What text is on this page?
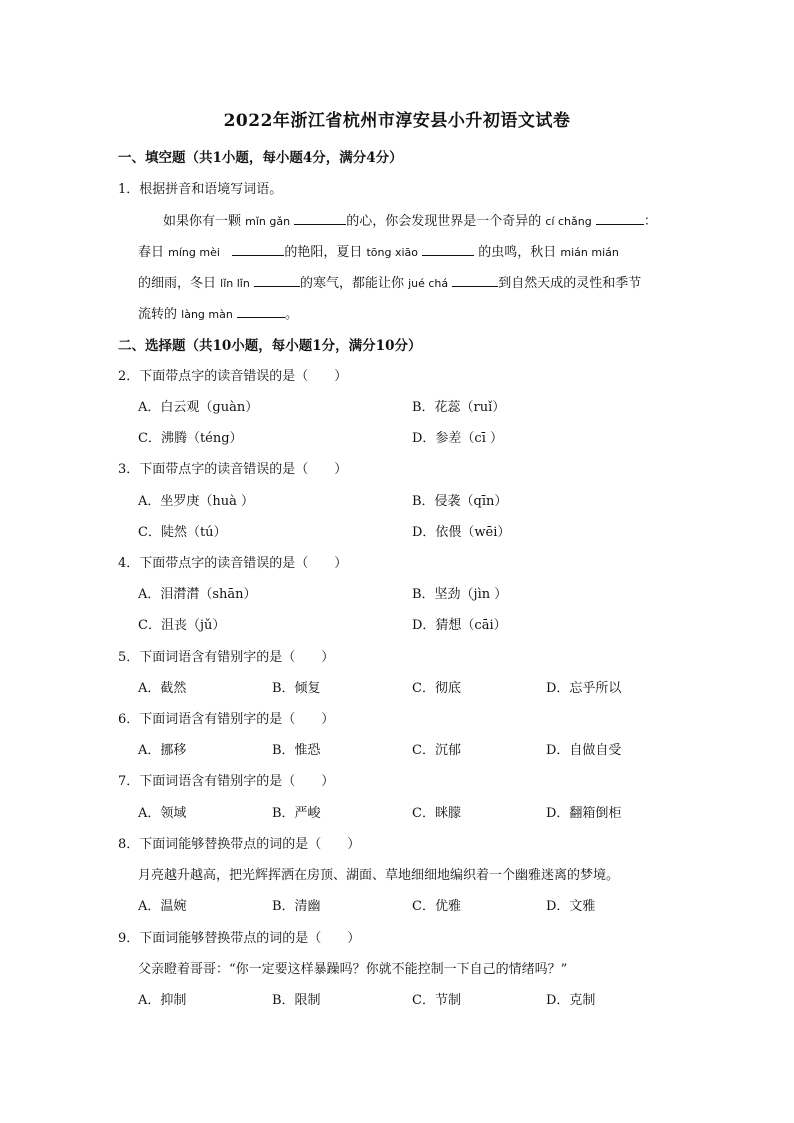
2022年浙江省杭州市淳安县小升初语文试卷
一、填空题（共1小题，每小题4分，满分4分）
1．根据拼音和语境写词语。
如果你有一颗 mǐn gǎn	的心，你会发现世界是一个奇异的 cí chǎng	：
春日 míng mèi	的艳阳，夏日 tōng xiāo	的虫鸣，秋日 mián mián
的细雨，冬日 lǐn lǐn	的寒气，都能让你 jué chá	到自然天成的灵性和季节
流转的 làng màn	。
二、选择题（共10小题，每小题1分，满分10分）
2．下面带点字的读音错误的是（　　）
A．白云观（ɡuàn）	B．花蕊（ruǐ）
C．沸腾（téng）	D．参差（cī ）
3．下面带点字的读音错误的是（　　）
A．坐罗庚（huà ）	B．侵袭（qīn）
C．陡然（tú）	D．依偎（wēi）
4．下面带点字的读音错误的是（　　）
A．泪潸潸（shān）	B．坚劲（jìn ）
C．沮丧（jǔ）	D．猜想（cāi）
5．下面词语含有错别字的是（　　）
A．截然	B．倾复	C．彻底	D．忘乎所以
6．下面词语含有错别字的是（　　）
A．挪移	B．惟恐	C．沉郁	D．自做自受
7．下面词语含有错别字的是（　　）
A．领域	B．严峻	C．眯朦	D．翻箱倒柜
8．下面词能够替换带点的词的是（　　）
月亮越升越高，把光辉挥洒在房顶、湖面、草地细细地编织着一个幽雅迷离的梦境。
A．温婉	B．清幽	C．优雅	D．文雅
9．下面词能够替换带点的词的是（　　）
父亲瞪着哥哥：“你一定要这样暴躁吗？你就不能控制一下自己的情绪吗？”
A．抑制	B．限制	C．节制	D．克制
